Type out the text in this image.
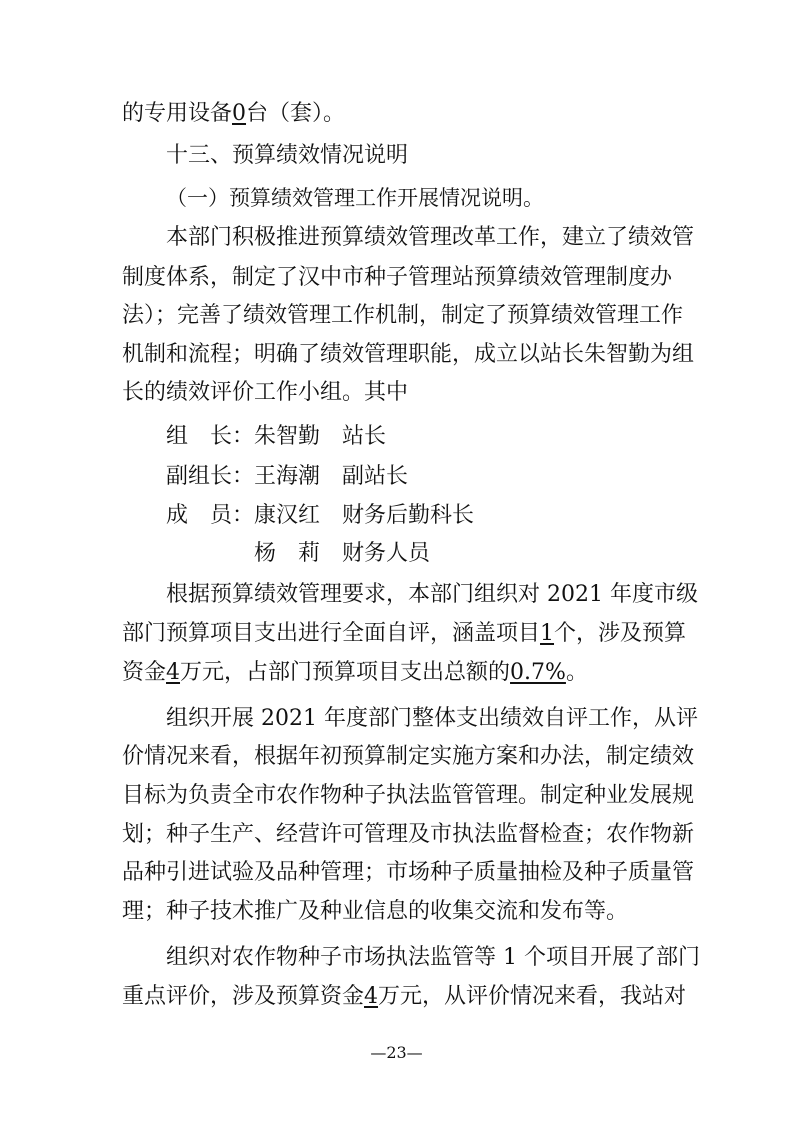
的专用设备0台（套）。
十三、预算绩效情况说明
（一）预算绩效管理工作开展情况说明。
本部门积极推进预算绩效管理改革工作，建立了绩效管
制度体系，制定了汉中市种子管理站预算绩效管理制度办
法）；完善了绩效管理工作机制，制定了预算绩效管理工作
机制和流程；明确了绩效管理职能，成立以站长朱智勤为组
长的绩效评价工作小组。其中
组　长：朱智勤　站长
副组长：王海潮　副站长
成　员：康汉红　财务后勤科长
杨　莉　财务人员
根据预算绩效管理要求，本部门组织对 2021 年度市级
部门预算项目支出进行全面自评，涵盖项目1个，涉及预算
资金4万元，占部门预算项目支出总额的0.7%。
组织开展 2021 年度部门整体支出绩效自评工作，从评
价情况来看，根据年初预算制定实施方案和办法，制定绩效
目标为负责全市农作物种子执法监管管理。制定种业发展规
划；种子生产、经营许可管理及市执法监督检查；农作物新
品种引进试验及品种管理；市场种子质量抽检及种子质量管
理；种子技术推广及种业信息的收集交流和发布等。
组织对农作物种子市场执法监管等 1 个项目开展了部门
重点评价，涉及预算资金4万元，从评价情况来看，我站对
—23—
